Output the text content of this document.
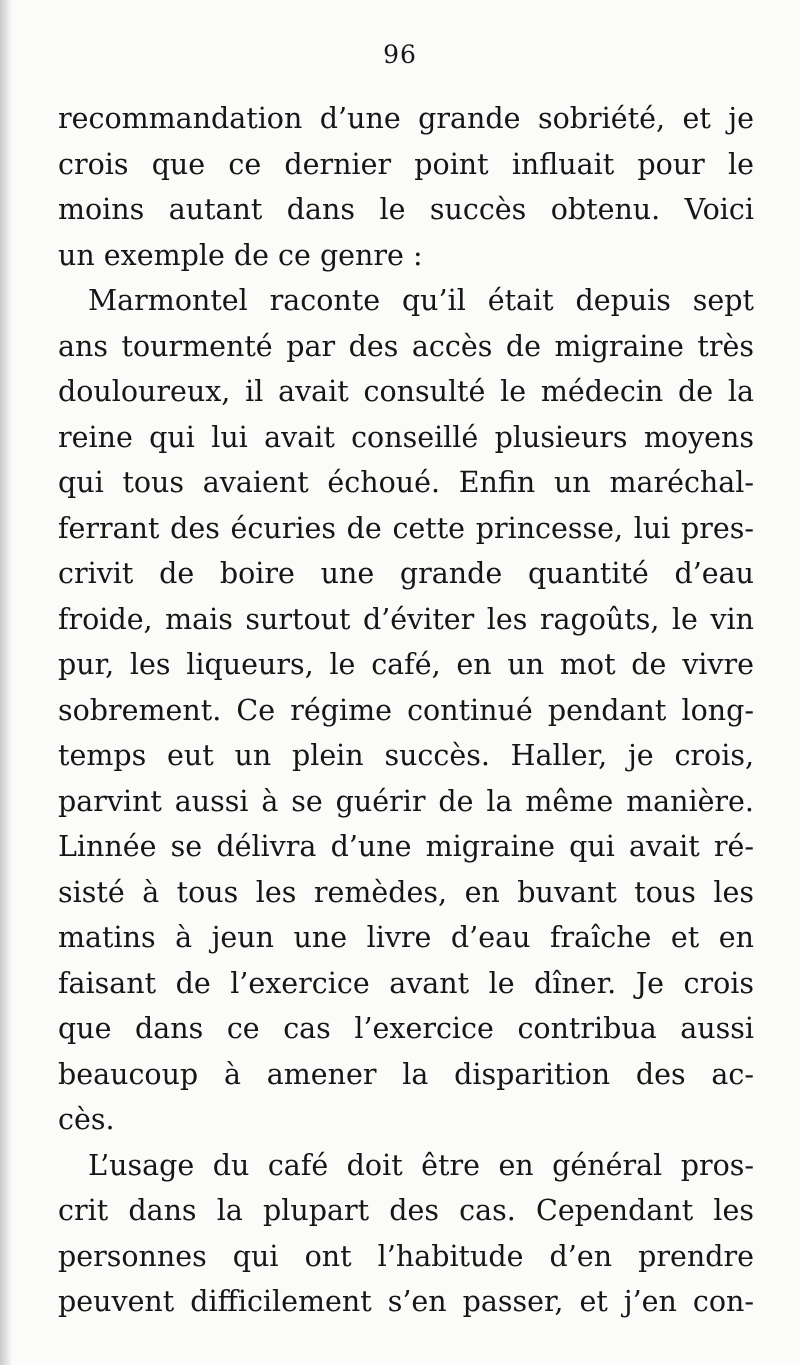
96
recommandation d’une grande sobriété, et je
crois que ce dernier point influait pour le
moins autant dans le succès obtenu. Voici
un exemple de ce genre :
Marmontel raconte qu’il était depuis sept
ans tourmenté par des accès de migraine très
douloureux, il avait consulté le médecin de la
reine qui lui avait conseillé plusieurs moyens
qui tous avaient échoué. Enfin un maréchal-
ferrant des écuries de cette princesse, lui pres-
crivit de boire une grande quantité d’eau
froide, mais surtout d’éviter les ragoûts, le vin
pur, les liqueurs, le café, en un mot de vivre
sobrement. Ce régime continué pendant long-
temps eut un plein succès. Haller, je crois,
parvint aussi à se guérir de la même manière.
Linnée se délivra d’une migraine qui avait ré-
sisté à tous les remèdes, en buvant tous les
matins à jeun une livre d’eau fraîche et en
faisant de l’exercice avant le dîner. Je crois
que dans ce cas l’exercice contribua aussi
beaucoup à amener la disparition des ac-
cès.
L’usage du café doit être en général pros-
crit dans la plupart des cas. Cependant les
personnes qui ont l’habitude d’en prendre
peuvent difficilement s’en passer, et j’en con-
